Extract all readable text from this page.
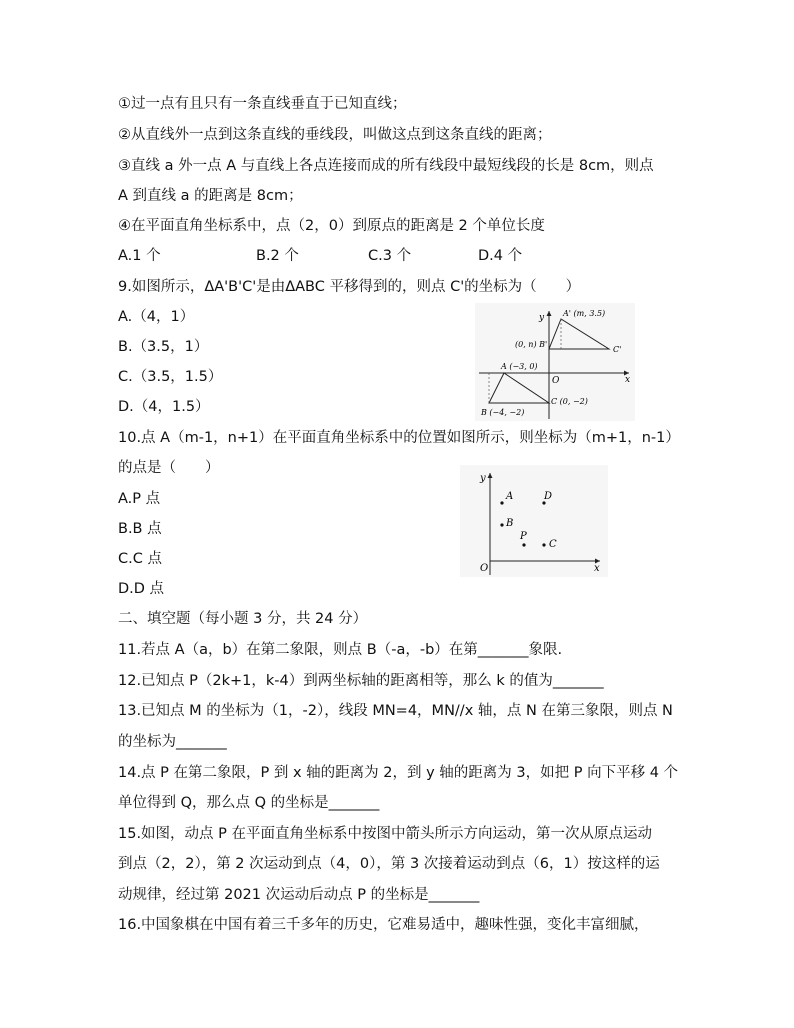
①过一点有且只有一条直线垂直于已知直线；
②从直线外一点到这条直线的垂线段，叫做这点到这条直线的距离；
③直线 a 外一点 A 与直线上各点连接而成的所有线段中最短线段的长是 8cm，则点
A 到直线 a 的距离是 8cm；
④在平面直角坐标系中，点（2，0）到原点的距离是 2 个单位长度
A.1 个	B.2 个	C.3 个	D.4 个
9.如图所示，ΔA'B'C'是由ΔABC 平移得到的，则点 C'的坐标为（　　）
A.（4，1）
B.（3.5，1）
C.（3.5，1.5）
D.（4，1.5）
y
x
O
A' (m, 3.5)
(0, n) B'
C'
A (−3, 0)
B (−4, −2)
C (0, −2)
10.点 A（m-1，n+1）在平面直角坐标系中的位置如图所示，则坐标为（m+1，n-1）
的点是（　　）
A.P 点
B.B 点
C.C 点
D.D 点
y
x
O
A
B
D
P
C
二、填空题（每小题 3 分，共 24 分）
11.若点 A（a，b）在第二象限，则点 B（-a，-b）在第_______象限.
12.已知点 P（2k+1，k-4）到两坐标轴的距离相等，那么 k 的值为_______
13.已知点 M 的坐标为（1，-2），线段 MN=4，MN//x 轴，点 N 在第三象限，则点 N
的坐标为_______
14.点 P 在第二象限，P 到 x 轴的距离为 2，到 y 轴的距离为 3，如把 P 向下平移 4 个
单位得到 Q，那么点 Q 的坐标是_______
15.如图，动点 P 在平面直角坐标系中按图中箭头所示方向运动，第一次从原点运动
到点（2，2），第 2 次运动到点（4，0），第 3 次接着运动到点（6，1）按这样的运
动规律，经过第 2021 次运动后动点 P 的坐标是_______
16.中国象棋在中国有着三千多年的历史，它难易适中，趣味性强，变化丰富细腻，
